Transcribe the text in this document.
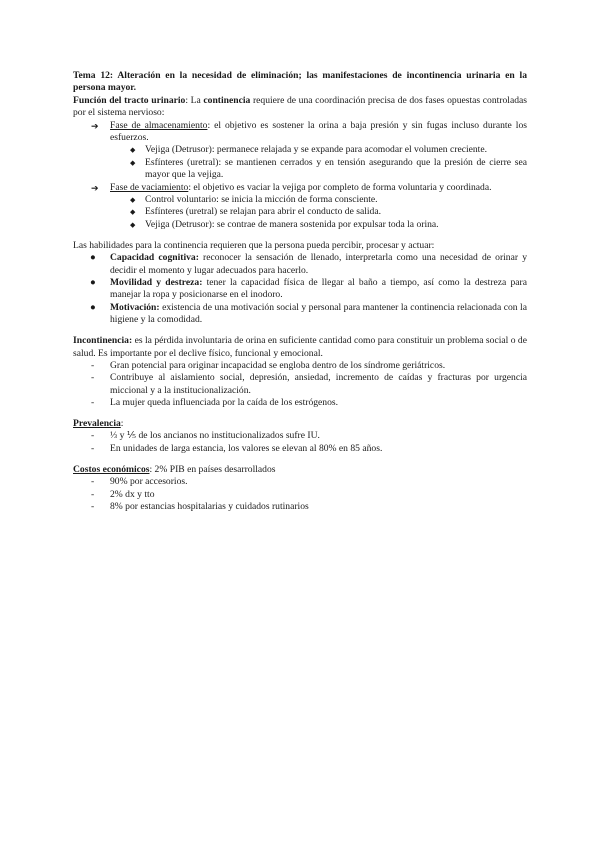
Tema 12: Alteración en la necesidad de eliminación; las manifestaciones de incontinencia urinaria en la persona mayor.

Función del tracto urinario: La continencia requiere de una coordinación precisa de dos fases opuestas controladas por el sistema nervioso:

➔ Fase de almacenamiento: el objetivo es sostener la orina a baja presión y sin fugas incluso durante los esfuerzos.
◆ Vejiga (Detrusor): permanece relajada y se expande para acomodar el volumen creciente.
◆ Esfínteres (uretral): se mantienen cerrados y en tensión asegurando que la presión de cierre sea mayor que la vejiga.
➔ Fase de vaciamiento: el objetivo es vaciar la vejiga por completo de forma voluntaria y coordinada.
◆ Control voluntario: se inicia la micción de forma consciente.
◆ Esfínteres (uretral) se relajan para abrir el conducto de salida.
◆ Vejiga (Detrusor): se contrae de manera sostenida por expulsar toda la orina.

Las habilidades para la continencia requieren que la persona pueda percibir, procesar y actuar:

● Capacidad cognitiva: reconocer la sensación de llenado, interpretarla como una necesidad de orinar y decidir el momento y lugar adecuados para hacerlo.
● Movilidad y destreza: tener la capacidad física de llegar al baño a tiempo, así como la destreza para manejar la ropa y posicionarse en el inodoro.
● Motivación: existencia de una motivación social y personal para mantener la continencia relacionada con la higiene y la comodidad.

Incontinencia: es la pérdida involuntaria de orina en suficiente cantidad como para constituir un problema social o de salud. Es importante por el declive físico, funcional y emocional.

- Gran potencial para originar incapacidad se engloba dentro de los síndrome geriátricos.
- Contribuye al aislamiento social, depresión, ansiedad, incremento de caídas y fracturas por urgencia miccional y a la institucionalización.
- La mujer queda influenciada por la caída de los estrógenos.

Prevalencia:

- ⅓ y ⅕ de los ancianos no institucionalizados sufre IU.
- En unidades de larga estancia, los valores se elevan al 80% en 85 años.

Costos económicos: 2% PIB en países desarrollados

- 90% por accesorios.
- 2% dx y tto
- 8% por estancias hospitalarias y cuidados rutinarios
